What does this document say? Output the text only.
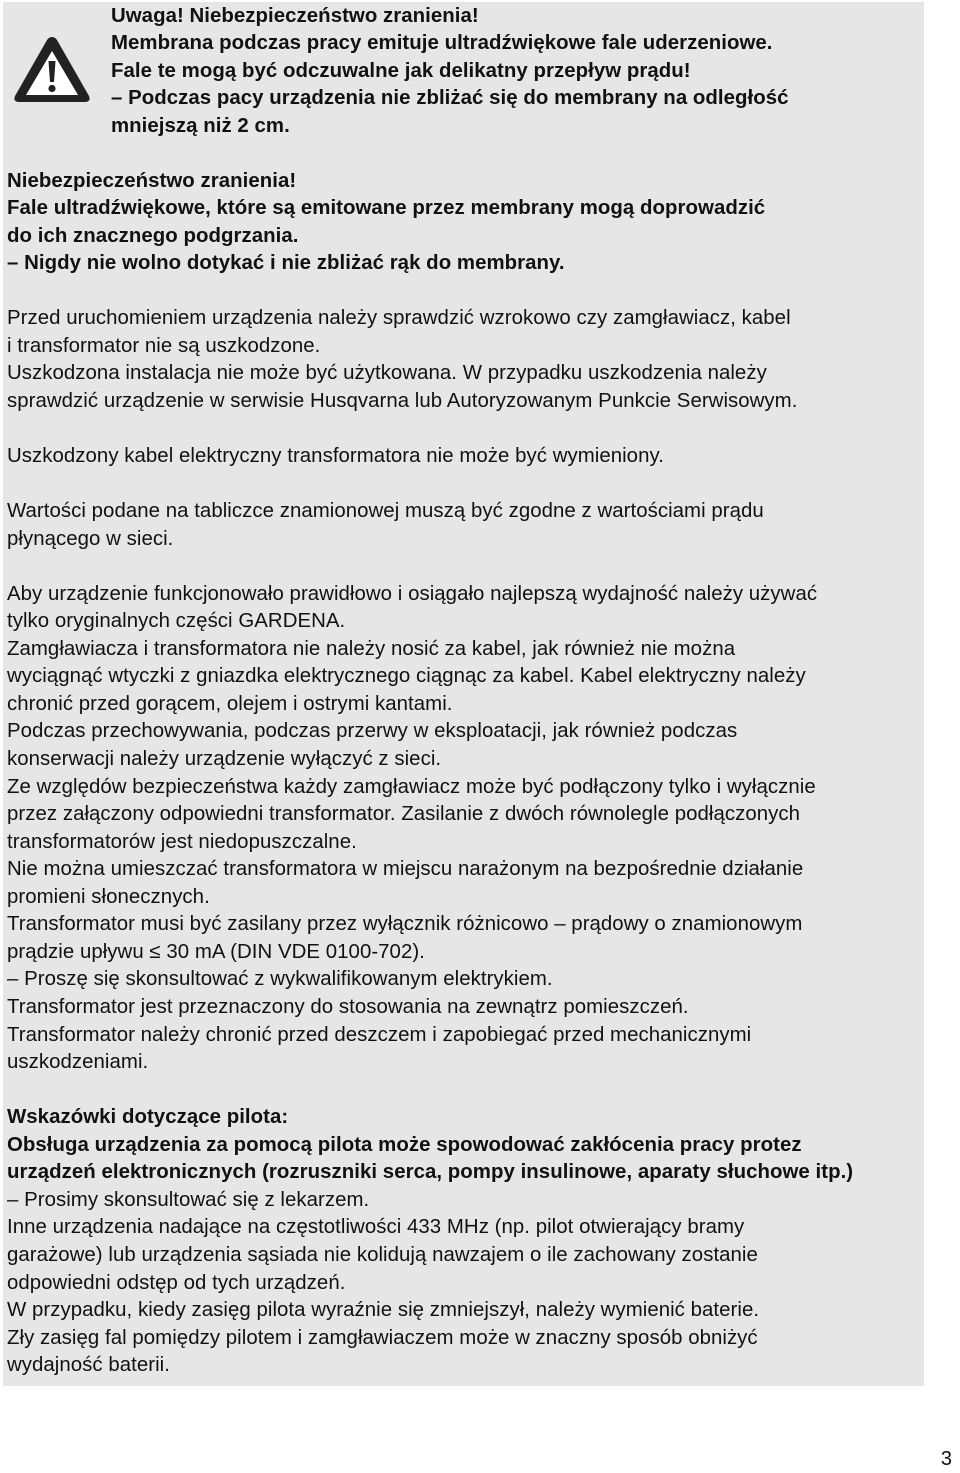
Uwaga! Niebezpieczeństwo zranienia!
Membrana podczas pracy emituje ultradźwiękowe fale uderzeniowe.
Fale te mogą być odczuwalne jak delikatny przepływ prądu!
– Podczas pacy urządzenia nie zbliżać się do membrany na odległość
mniejszą niż 2 cm.
Niebezpieczeństwo zranienia!
Fale ultradźwiękowe, które są emitowane przez membrany mogą doprowadzić
do ich znacznego podgrzania.
– Nigdy nie wolno dotykać i nie zbliżać rąk do membrany.
Przed uruchomieniem urządzenia należy sprawdzić wzrokowo czy zamgławiacz, kabel
i transformator nie są uszkodzone.
Uszkodzona instalacja nie może być użytkowana. W przypadku uszkodzenia należy
sprawdzić urządzenie w serwisie Husqvarna lub Autoryzowanym Punkcie Serwisowym.
Uszkodzony kabel elektryczny transformatora nie może być wymieniony.
Wartości podane na tabliczce znamionowej muszą być zgodne z wartościami prądu
płynącego w sieci.
Aby urządzenie funkcjonowało prawidłowo i osiągało najlepszą wydajność należy używać
tylko oryginalnych części GARDENA.
Zamgławiacza i transformatora nie należy nosić za kabel, jak również nie można
wyciągnąć wtyczki z gniazdka elektrycznego ciągnąc za kabel. Kabel elektryczny należy
chronić przed gorącem, olejem i ostrymi kantami.
Podczas przechowywania, podczas przerwy w eksploatacji, jak również podczas
konserwacji należy urządzenie wyłączyć z sieci.
Ze względów bezpieczeństwa każdy zamgławiacz może być podłączony tylko i wyłącznie
przez załączony odpowiedni transformator. Zasilanie z dwóch równolegle podłączonych
transformatorów jest niedopuszczalne.
Nie można umieszczać transformatora w miejscu narażonym na bezpośrednie działanie
promieni słonecznych.
Transformator musi być zasilany przez wyłącznik różnicowo – prądowy o znamionowym
prądzie upływu ≤ 30 mA (DIN VDE 0100-702).
– Proszę się skonsultować z wykwalifikowanym elektrykiem.
Transformator jest przeznaczony do stosowania na zewnątrz pomieszczeń.
Transformator należy chronić przed deszczem i zapobiegać przed mechanicznymi
uszkodzeniami.
Wskazówki dotyczące pilota:
Obsługa urządzenia za pomocą pilota może spowodować zakłócenia pracy protez
urządzeń elektronicznych (rozruszniki serca, pompy insulinowe, aparaty słuchowe itp.)
– Prosimy skonsultować się z lekarzem.
Inne urządzenia nadające na częstotliwości 433 MHz (np. pilot otwierający bramy
garażowe) lub urządzenia sąsiada nie kolidują nawzajem o ile zachowany zostanie
odpowiedni odstęp od tych urządzeń.
W przypadku, kiedy zasięg pilota wyraźnie się zmniejszył, należy wymienić baterie.
Zły zasięg fal pomiędzy pilotem i zamgławiaczem może w znaczny sposób obniżyć
wydajność baterii.
3
